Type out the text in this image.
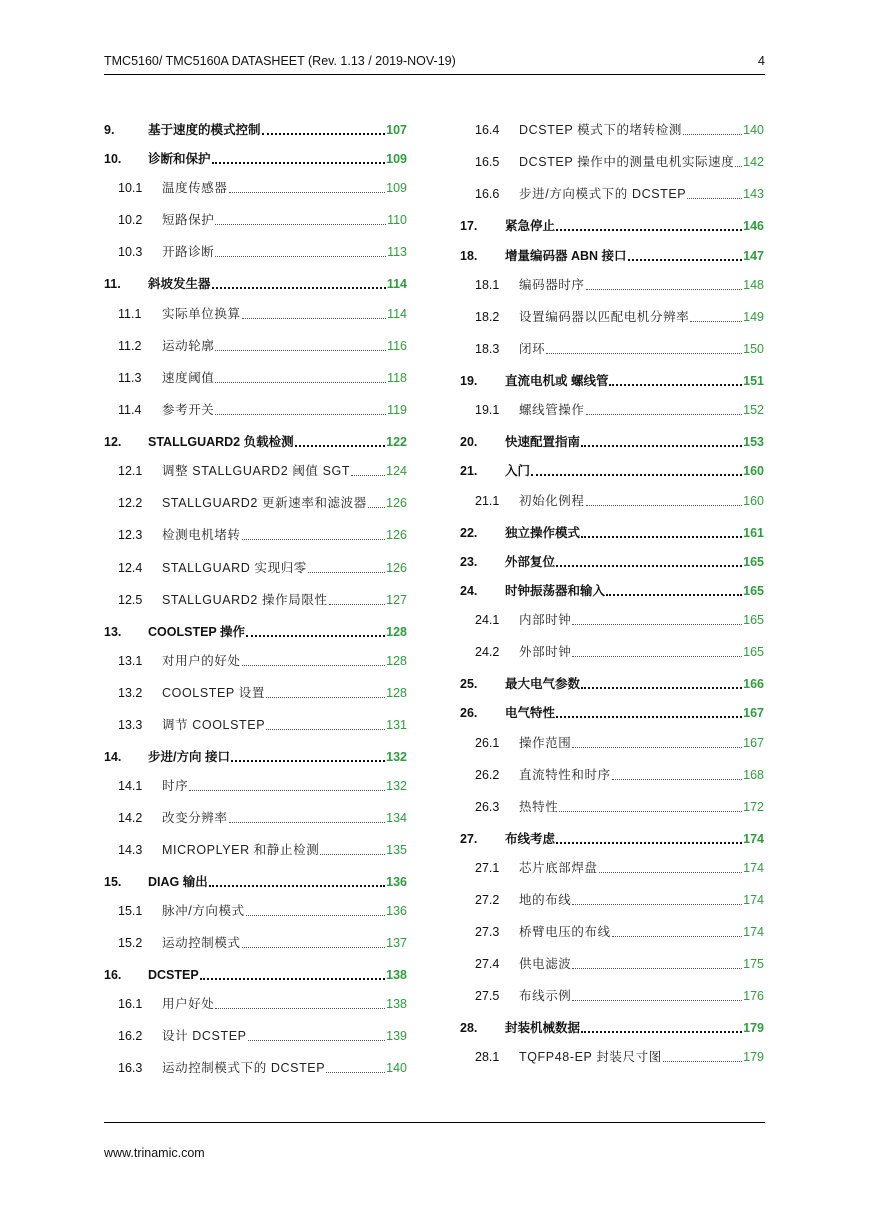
TMC5160/ TMC5160A DATASHEET (Rev. 1.13 / 2019-NOV-19)	4
9.	基于速度的模式控制	107
10.	诊断和保护	109
10.1	温度传感器	109
10.2	短路保护	110
10.3	开路诊断	113
11.	斜坡发生器	114
11.1	实际单位换算	114
11.2	运动轮廓	116
11.3	速度阈值	118
11.4	参考开关	119
12.	STALLGUARD2 负载检测	122
12.1	调整 STALLGUARD2 阈值 SGT	124
12.2	STALLGUARD2 更新速率和滤波器 126
12.3	检测电机堵转	126
12.4	STALLGUARD 实现归零	126
12.5	STALLGUARD2 操作局限性	127
13.	COOLSTEP 操作	128
13.1	对用户的好处	128
13.2	COOLSTEP 设置	128
13.3	调节 COOLSTEP	131
14.	步进/方向 接口	132
14.1	时序	132
14.2	改变分辨率	134
14.3	MICROPLYER 和静止检测	135
15.	DIAG 输出	136
15.1	脉冲/方向模式	136
15.2	运动控制模式	137
16.	DCSTEP	138
16.1	用户好处	138
16.2	设计 DCSTEP	139
16.3	运动控制模式下的 DCSTEP	140
16.4	DCSTEP 模式下的堵转检测	140
16.5	DCSTEP 操作中的测量电机实际速度 142
16.6	步进/方向模式下的 DCSTEP	143
17.	紧急停止	146
18.	增量编码器 ABN 接口	147
18.1	编码器时序	148
18.2	设置编码器以匹配电机分辨率	149
18.3	闭环	150
19.	直流电机或 螺线管	151
19.1	螺线管操作	152
20.	快速配置指南	153
21.	入门	160
21.1	初始化例程	160
22.	独立操作模式	161
23.	外部复位	165
24.	时钟振荡器和输入	165
24.1	内部时钟	165
24.2	外部时钟	165
25.	最大电气参数	166
26.	电气特性	167
26.1	操作范围	167
26.2	直流特性和时序	168
26.3	热特性	172
27.	布线考虑	174
27.1	芯片底部焊盘	174
27.2	地的布线	174
27.3	桥臂电压的布线	174
27.4	供电滤波	175
27.5	布线示例	176
28.	封装机械数据	179
28.1	TQFP48-EP 封装尺寸图	179
www.trinamic.com
